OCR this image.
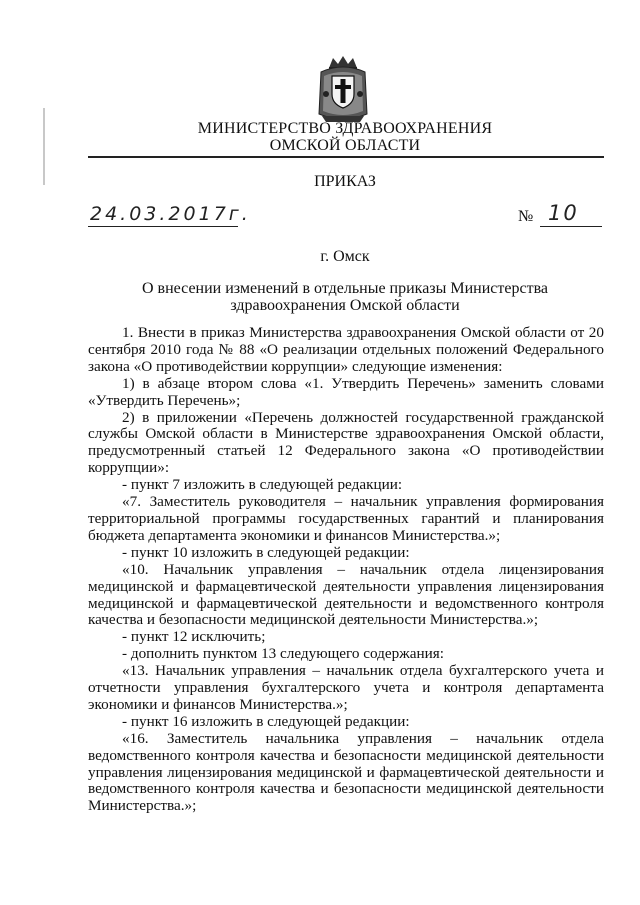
МИНИСТЕРСТВО ЗДРАВООХРАНЕНИЯ
ОМСКОЙ ОБЛАСТИ
ПРИКАЗ
24.03.2017г.	№ 10
г. Омск
О внесении изменений в отдельные приказы Министерства
здравоохранения Омской области

1. Внести в приказ Министерства здравоохранения Омской области от 20 сентября 2010 года № 88 «О реализации отдельных положений Федерального закона «О противодействии коррупции» следующие изменения:

1) в абзаце втором слова «1. Утвердить Перечень» заменить словами «Утвердить Перечень»;

2) в приложении «Перечень должностей государственной гражданской службы Омской области в Министерстве здравоохранения Омской области, предусмотренный статьей 12 Федерального закона «О противодействии коррупции»:

- пункт 7 изложить в следующей редакции:

«7. Заместитель руководителя – начальник управления формирования территориальной программы государственных гарантий и планирования бюджета департамента экономики и финансов Министерства.»;

- пункт 10 изложить в следующей редакции:

«10. Начальник управления – начальник отдела лицензирования медицинской и фармацевтической деятельности управления лицензирования медицинской и фармацевтической деятельности и ведомственного контроля качества и безопасности медицинской деятельности Министерства.»;

- пункт 12 исключить;

- дополнить пунктом 13 следующего содержания:

«13. Начальник управления – начальник отдела бухгалтерского учета и отчетности управления бухгалтерского учета и контроля департамента экономики и финансов Министерства.»;

- пункт 16 изложить в следующей редакции:

«16. Заместитель начальника управления – начальник отдела ведомственного контроля качества и безопасности медицинской деятельности управления лицензирования медицинской и фармацевтической деятельности и ведомственного контроля качества и безопасности медицинской деятельности Министерства.»;
